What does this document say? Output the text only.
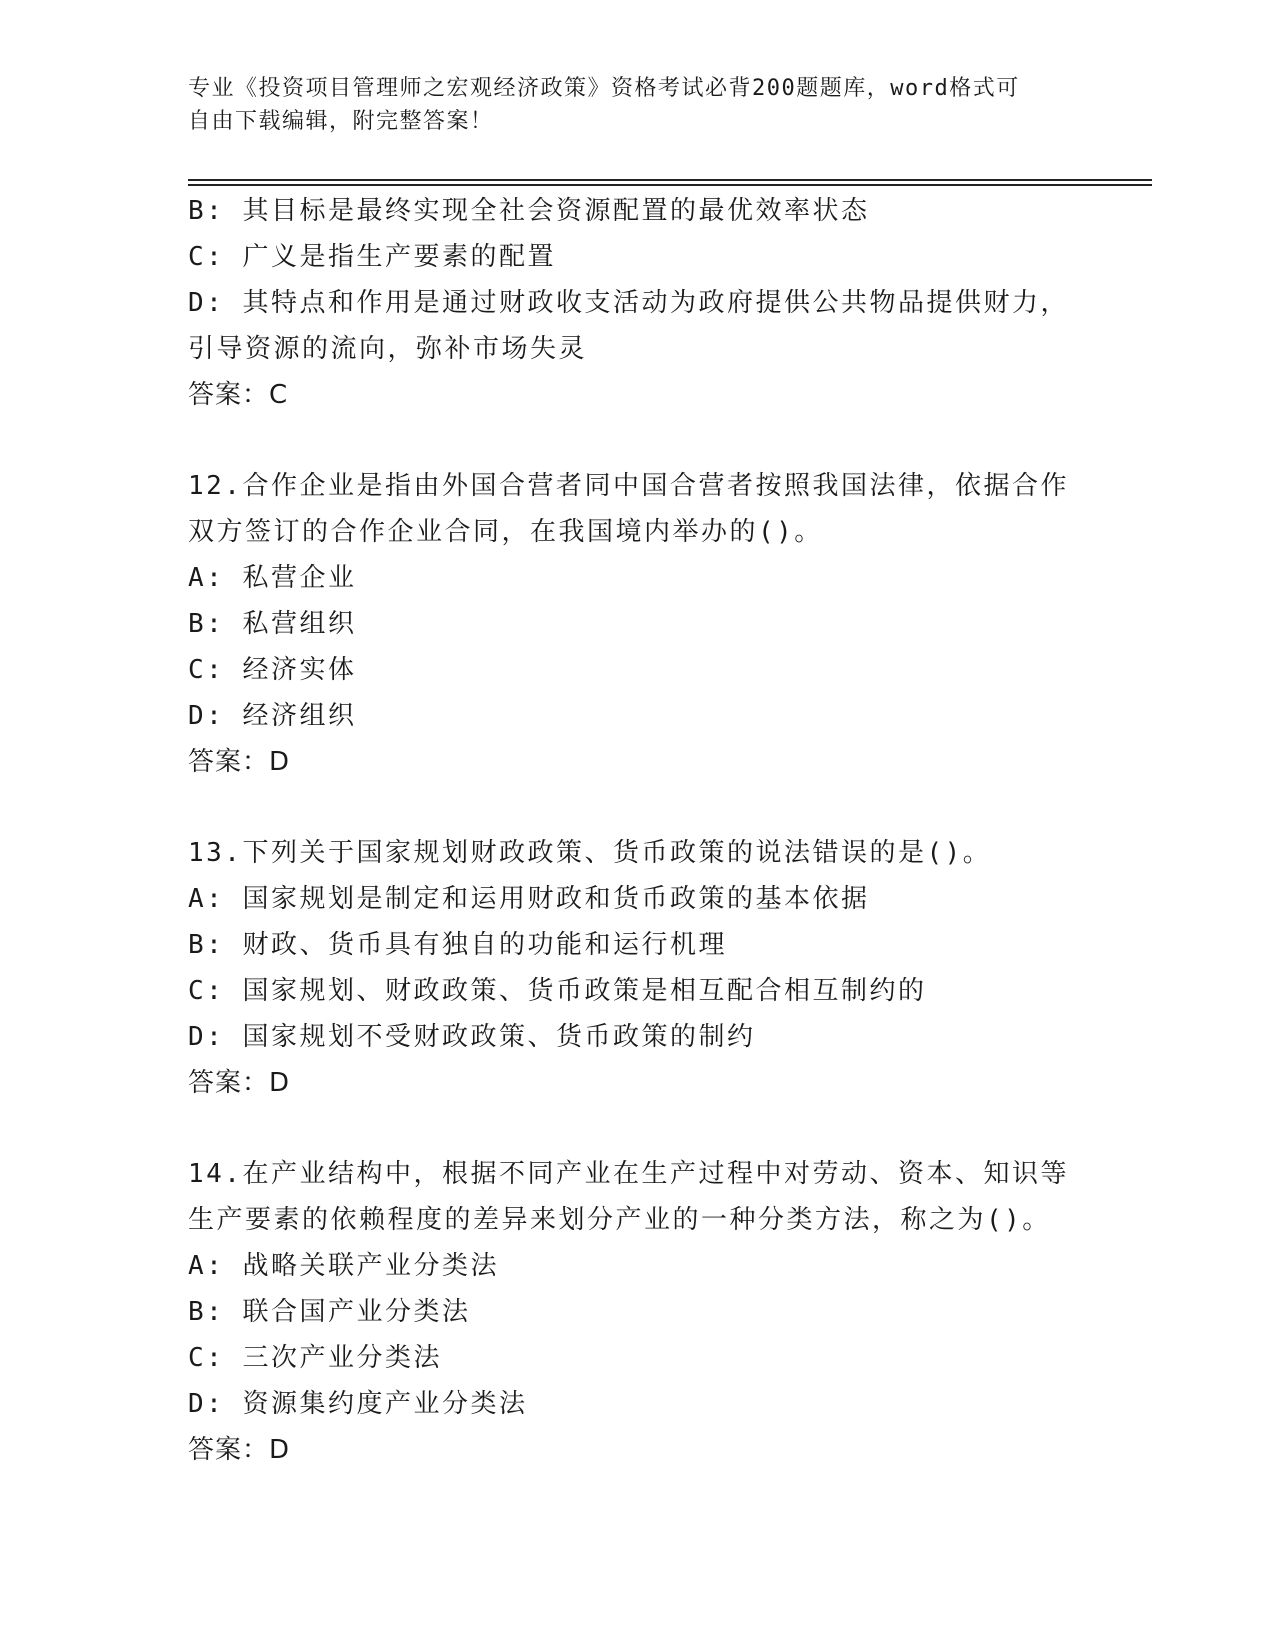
专业《投资项目管理师之宏观经济政策》资格考试必背200题题库，word格式可
自由下载编辑，附完整答案！
B: 其目标是最终实现全社会资源配置的最优效率状态
C: 广义是指生产要素的配置
D: 其特点和作用是通过财政收支活动为政府提供公共物品提供财力，
引导资源的流向，弥补市场失灵
答案：C
12.合作企业是指由外国合营者同中国合营者按照我国法律，依据合作
双方签订的合作企业合同，在我国境内举办的()。
A: 私营企业
B: 私营组织
C: 经济实体
D: 经济组织
答案：D
13.下列关于国家规划财政政策、货币政策的说法错误的是()。
A: 国家规划是制定和运用财政和货币政策的基本依据
B: 财政、货币具有独自的功能和运行机理
C: 国家规划、财政政策、货币政策是相互配合相互制约的
D: 国家规划不受财政政策、货币政策的制约
答案：D
14.在产业结构中，根据不同产业在生产过程中对劳动、资本、知识等
生产要素的依赖程度的差异来划分产业的一种分类方法，称之为()。
A: 战略关联产业分类法
B: 联合国产业分类法
C: 三次产业分类法
D: 资源集约度产业分类法
答案：D
